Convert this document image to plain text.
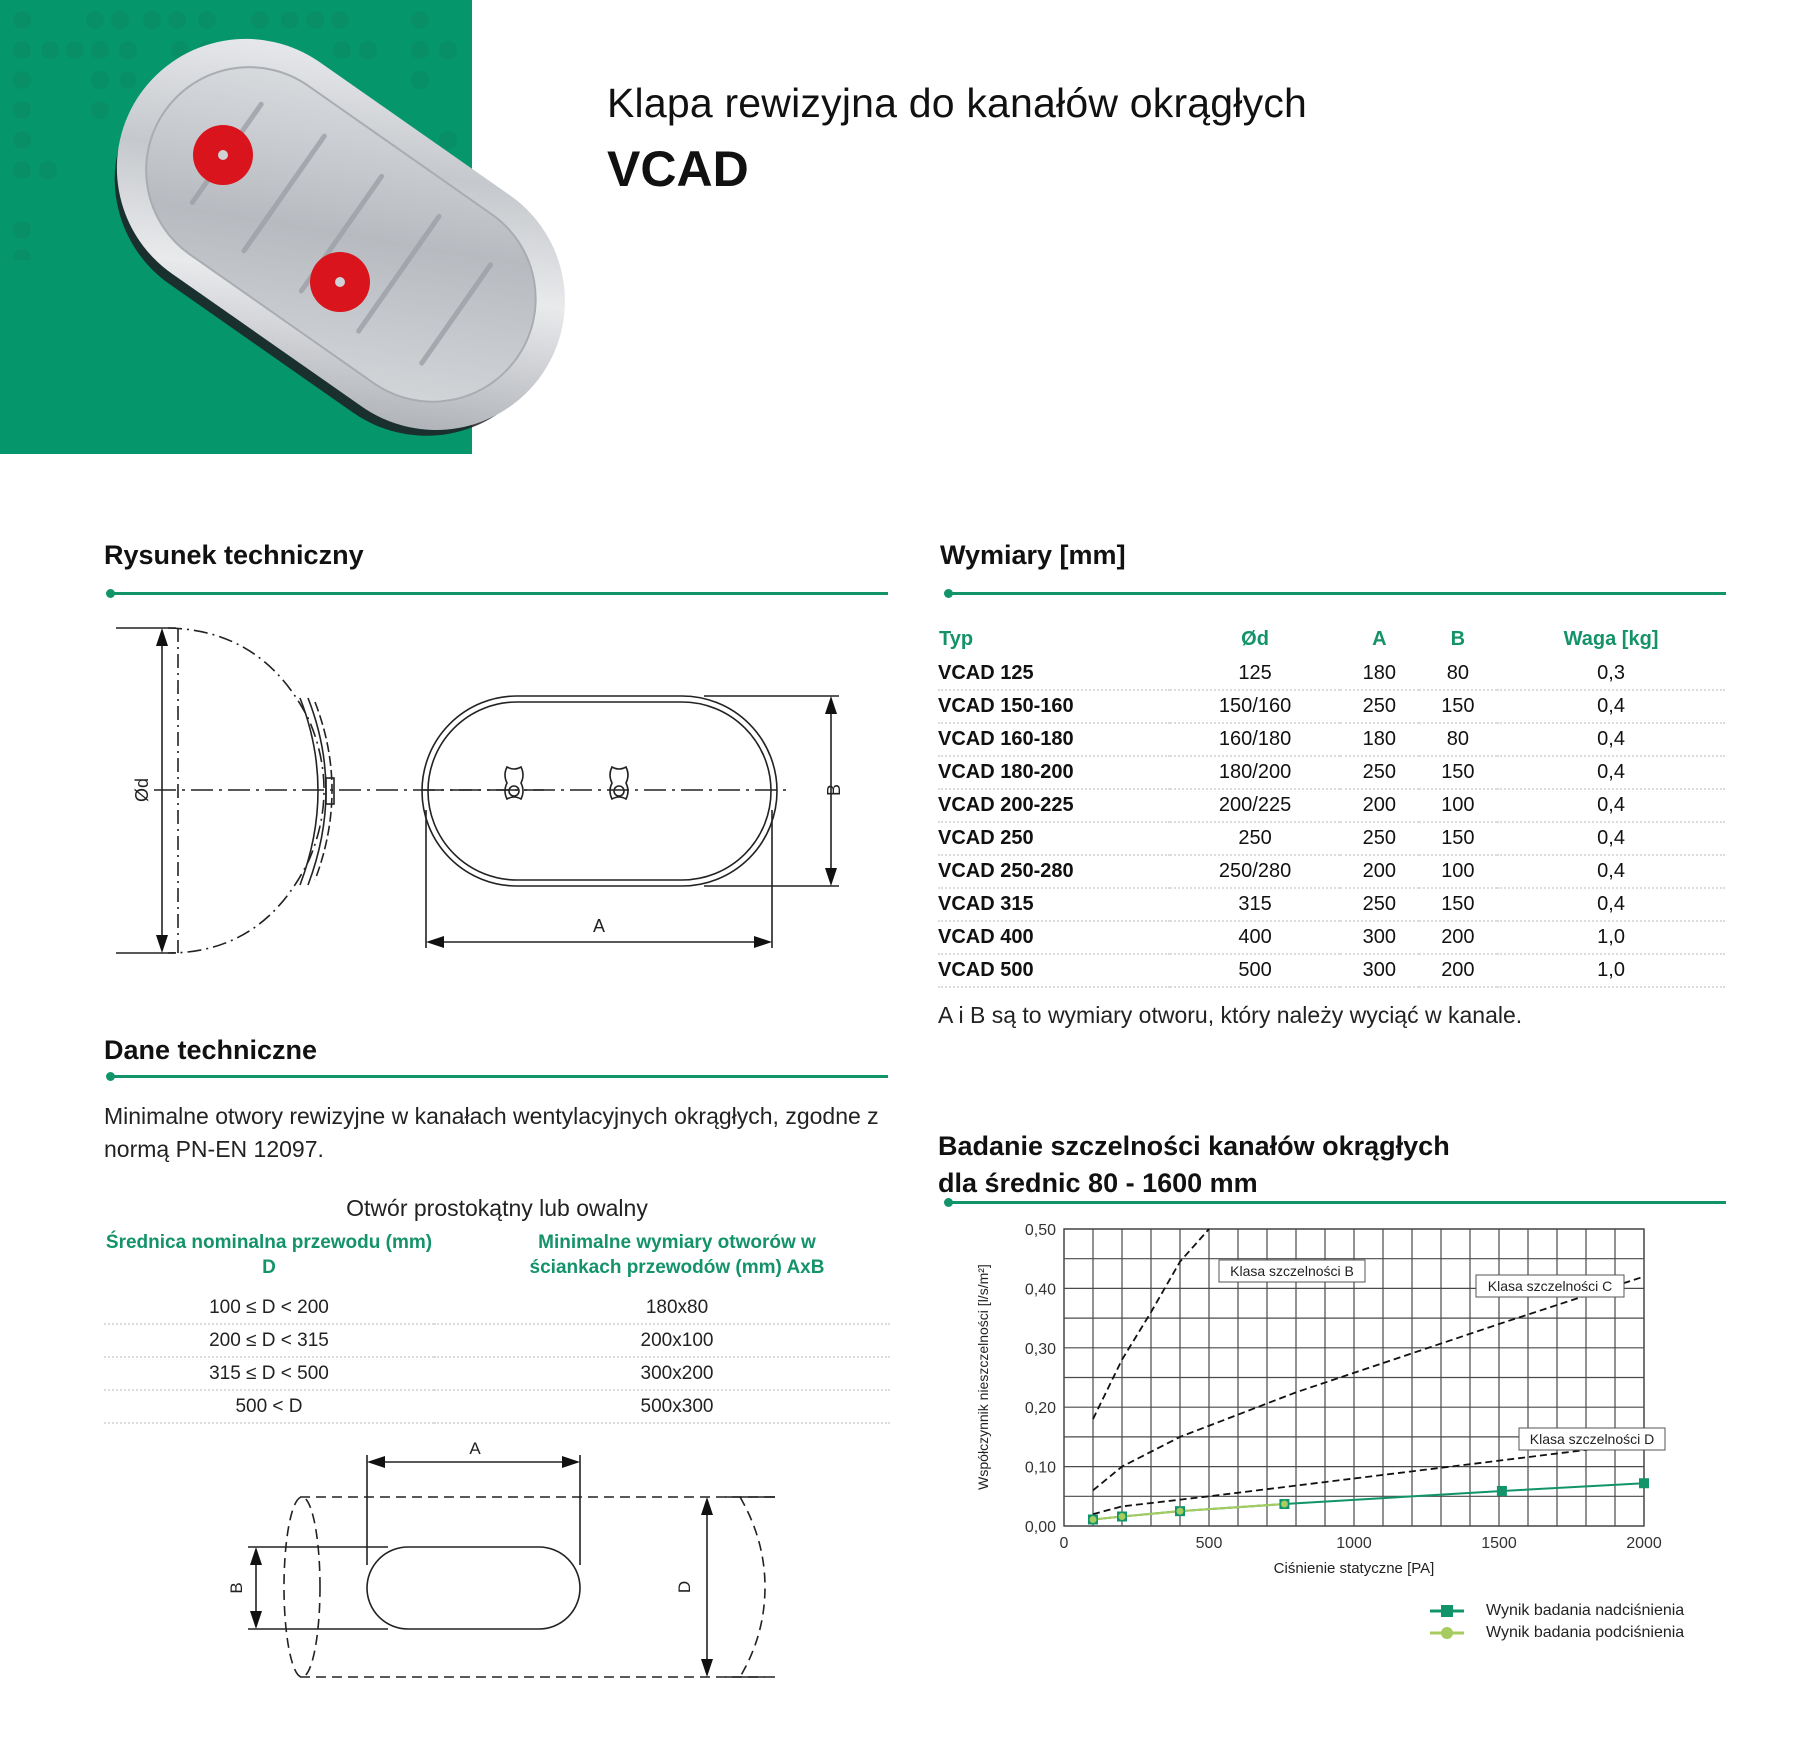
Klapa rewizyjna do kanałów okrągłych
VCAD
Rysunek techniczny
Ød
A
B
Wymiary [mm]
Typ	Ød	A	B	Waga [kg]
VCAD 125	125	180	80	0,3
VCAD 150-160	150/160	250	150	0,4
VCAD 160-180	160/180	180	80	0,4
VCAD 180-200	180/200	250	150	0,4
VCAD 200-225	200/225	200	100	0,4
VCAD 250	250	250	150	0,4
VCAD 250-280	250/280	200	100	0,4
VCAD 315	315	250	150	0,4
VCAD 400	400	300	200	1,0
VCAD 500	500	300	200	1,0
A i B są to wymiary otworu, który należy wyciąć w kanale.
Dane techniczne
Minimalne otwory rewizyjne w kanałach wentylacyjnych okrągłych, zgodne z normą PN-EN 12097.
Otwór prostokątny lub owalny
Średnica nominalna przewodu (mm) D	Minimalne wymiary otworów w ściankach przewodów (mm) AxB
100 ≤ D < 200	180x80
200 ≤ D < 315	200x100
315 ≤ D < 500	300x200
500 < D	500x300
A
B	D
Badanie szczelności kanałów okrągłych
dla średnic 80 - 1600 mm
0,00
0,10
0,20
0,30
0,40
0,50
0	500	1000	1500	2000
Klasa szczelności B
Klasa szczelności C
Klasa szczelności D
Współczynnik nieszczelności [l/s/m²]
Ciśnienie statyczne [PA]
Wynik badania nadciśnienia
Wynik badania podciśnienia
